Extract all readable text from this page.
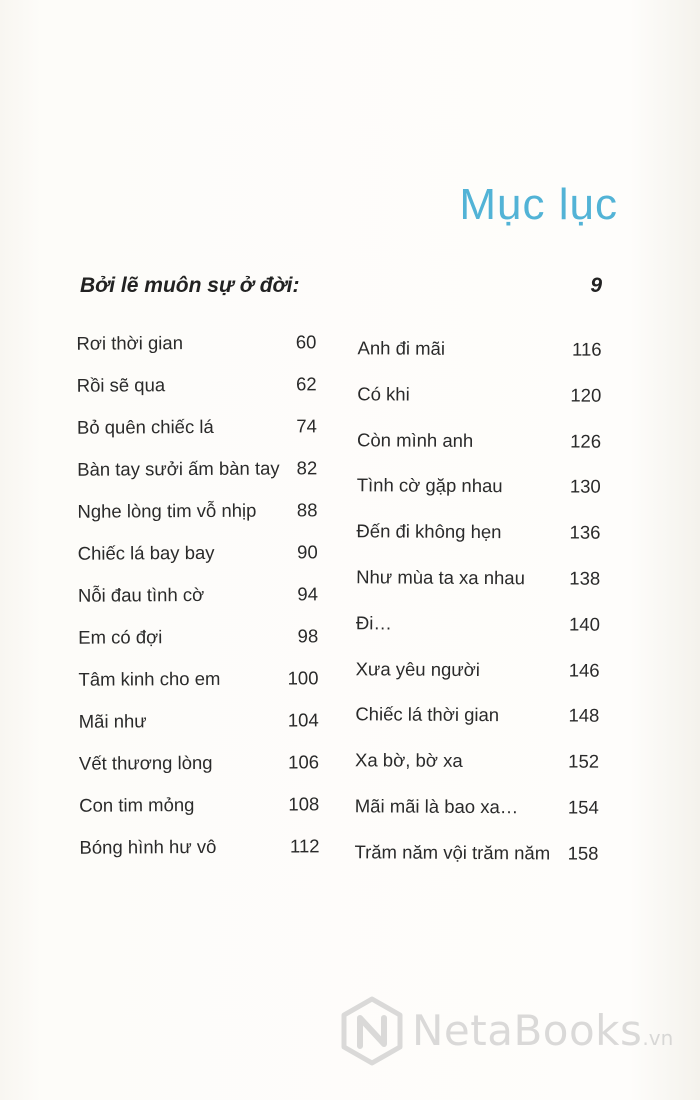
Mục lục
Bởi lẽ muôn sự ở đời:	9
Rơi thời gian	60
Rồi sẽ qua	62
Bỏ quên chiếc lá	74
Bàn tay sưởi ấm bàn tay 82
Nghe lòng tim vỗ nhịp 88
Chiếc lá bay bay	90
Nỗi đau tình cờ	94
Em có đợi	98
Tâm kinh cho em	100
Mãi như	104
Vết thương lòng	106
Con tim mỏng	108
Bóng hình hư vô	112
Anh đi mãi	116
Có khi	120
Còn mình anh	126
Tình cờ gặp nhau	130
Đến đi không hẹn	136
Như mùa ta xa nhau 138
Đi…	140
Xưa yêu người	146
Chiếc lá thời gian	148
Xa bờ, bờ xa	152
Mãi mãi là bao xa…	154
Trăm năm vội trăm năm 158
NetaBooks.vn
